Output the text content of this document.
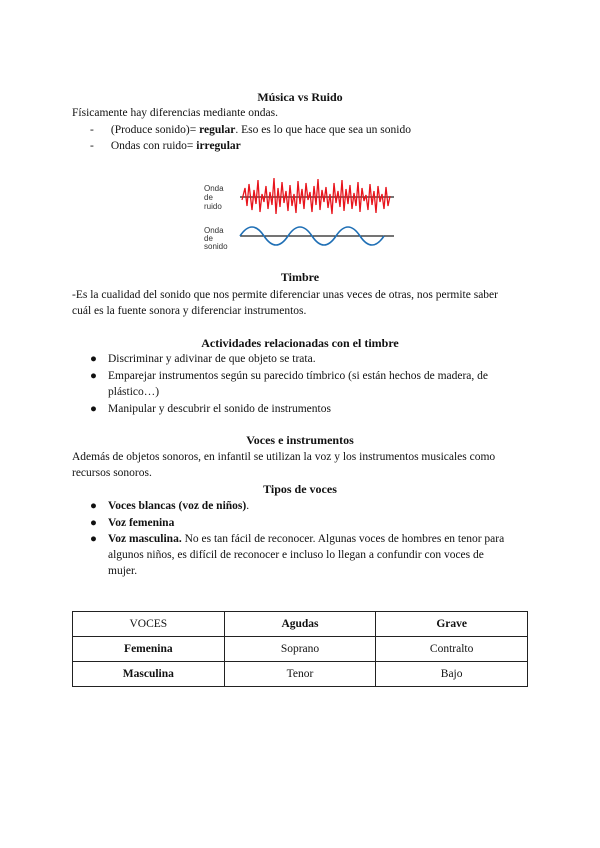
Música vs Ruido
Físicamente hay diferencias mediante ondas.
- (Produce sonido)= regular. Eso es lo que hace que sea un sonido
- Ondas con ruido= irregular
Onda
de
ruido
Onda
de
sonido
Timbre
-Es la cualidad del sonido que nos permite diferenciar unas veces de otras, nos permite saber
cuál es la fuente sonora y diferenciar instrumentos.
Actividades relacionadas con el timbre
● Discriminar y adivinar de que objeto se trata.
● Emparejar instrumentos según su parecido tímbrico (si están hechos de madera, de
plástico…)
● Manipular y descubrir el sonido de instrumentos
Voces e instrumentos
Además de objetos sonoros, en infantil se utilizan la voz y los instrumentos musicales como
recursos sonoros.
Tipos de voces
● Voces blancas (voz de niños).
● Voz femenina
● Voz masculina. No es tan fácil de reconocer. Algunas voces de hombres en tenor para
algunos niños, es difícil de reconocer e incluso lo llegan a confundir con voces de
mujer.
VOCES	Agudas	Grave
Femenina	Soprano	Contralto
Masculina	Tenor	Bajo
